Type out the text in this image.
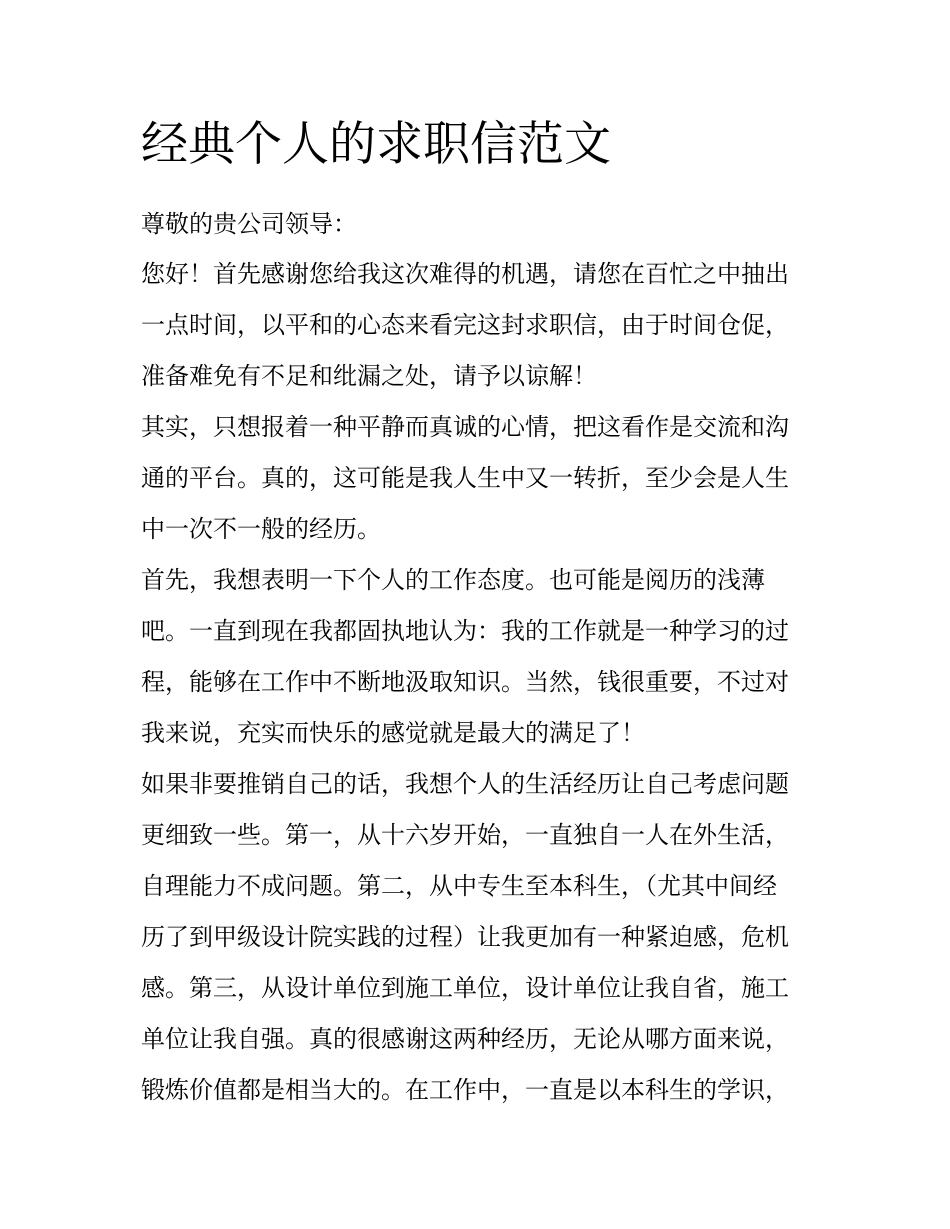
经典个人的求职信范文

尊敬的贵公司领导：

您好！首先感谢您给我这次难得的机遇，请您在百忙之中抽出

一点时间，以平和的心态来看完这封求职信，由于时间仓促，

准备难免有不足和纰漏之处，请予以谅解！

其实，只想报着一种平静而真诚的心情，把这看作是交流和沟

通的平台。真的，这可能是我人生中又一转折，至少会是人生

中一次不一般的经历。

首先，我想表明一下个人的工作态度。也可能是阅历的浅薄

吧。一直到现在我都固执地认为：我的工作就是一种学习的过

程，能够在工作中不断地汲取知识。当然，钱很重要，不过对

我来说，充实而快乐的感觉就是最大的满足了！

如果非要推销自己的话，我想个人的生活经历让自己考虑问题

更细致一些。第一，从十六岁开始，一直独自一人在外生活，

自理能力不成问题。第二，从中专生至本科生，（尤其中间经

历了到甲级设计院实践的过程）让我更加有一种紧迫感，危机

感。第三，从设计单位到施工单位，设计单位让我自省，施工

单位让我自强。真的很感谢这两种经历，无论从哪方面来说，

锻炼价值都是相当大的。在工作中，一直是以本科生的学识，
